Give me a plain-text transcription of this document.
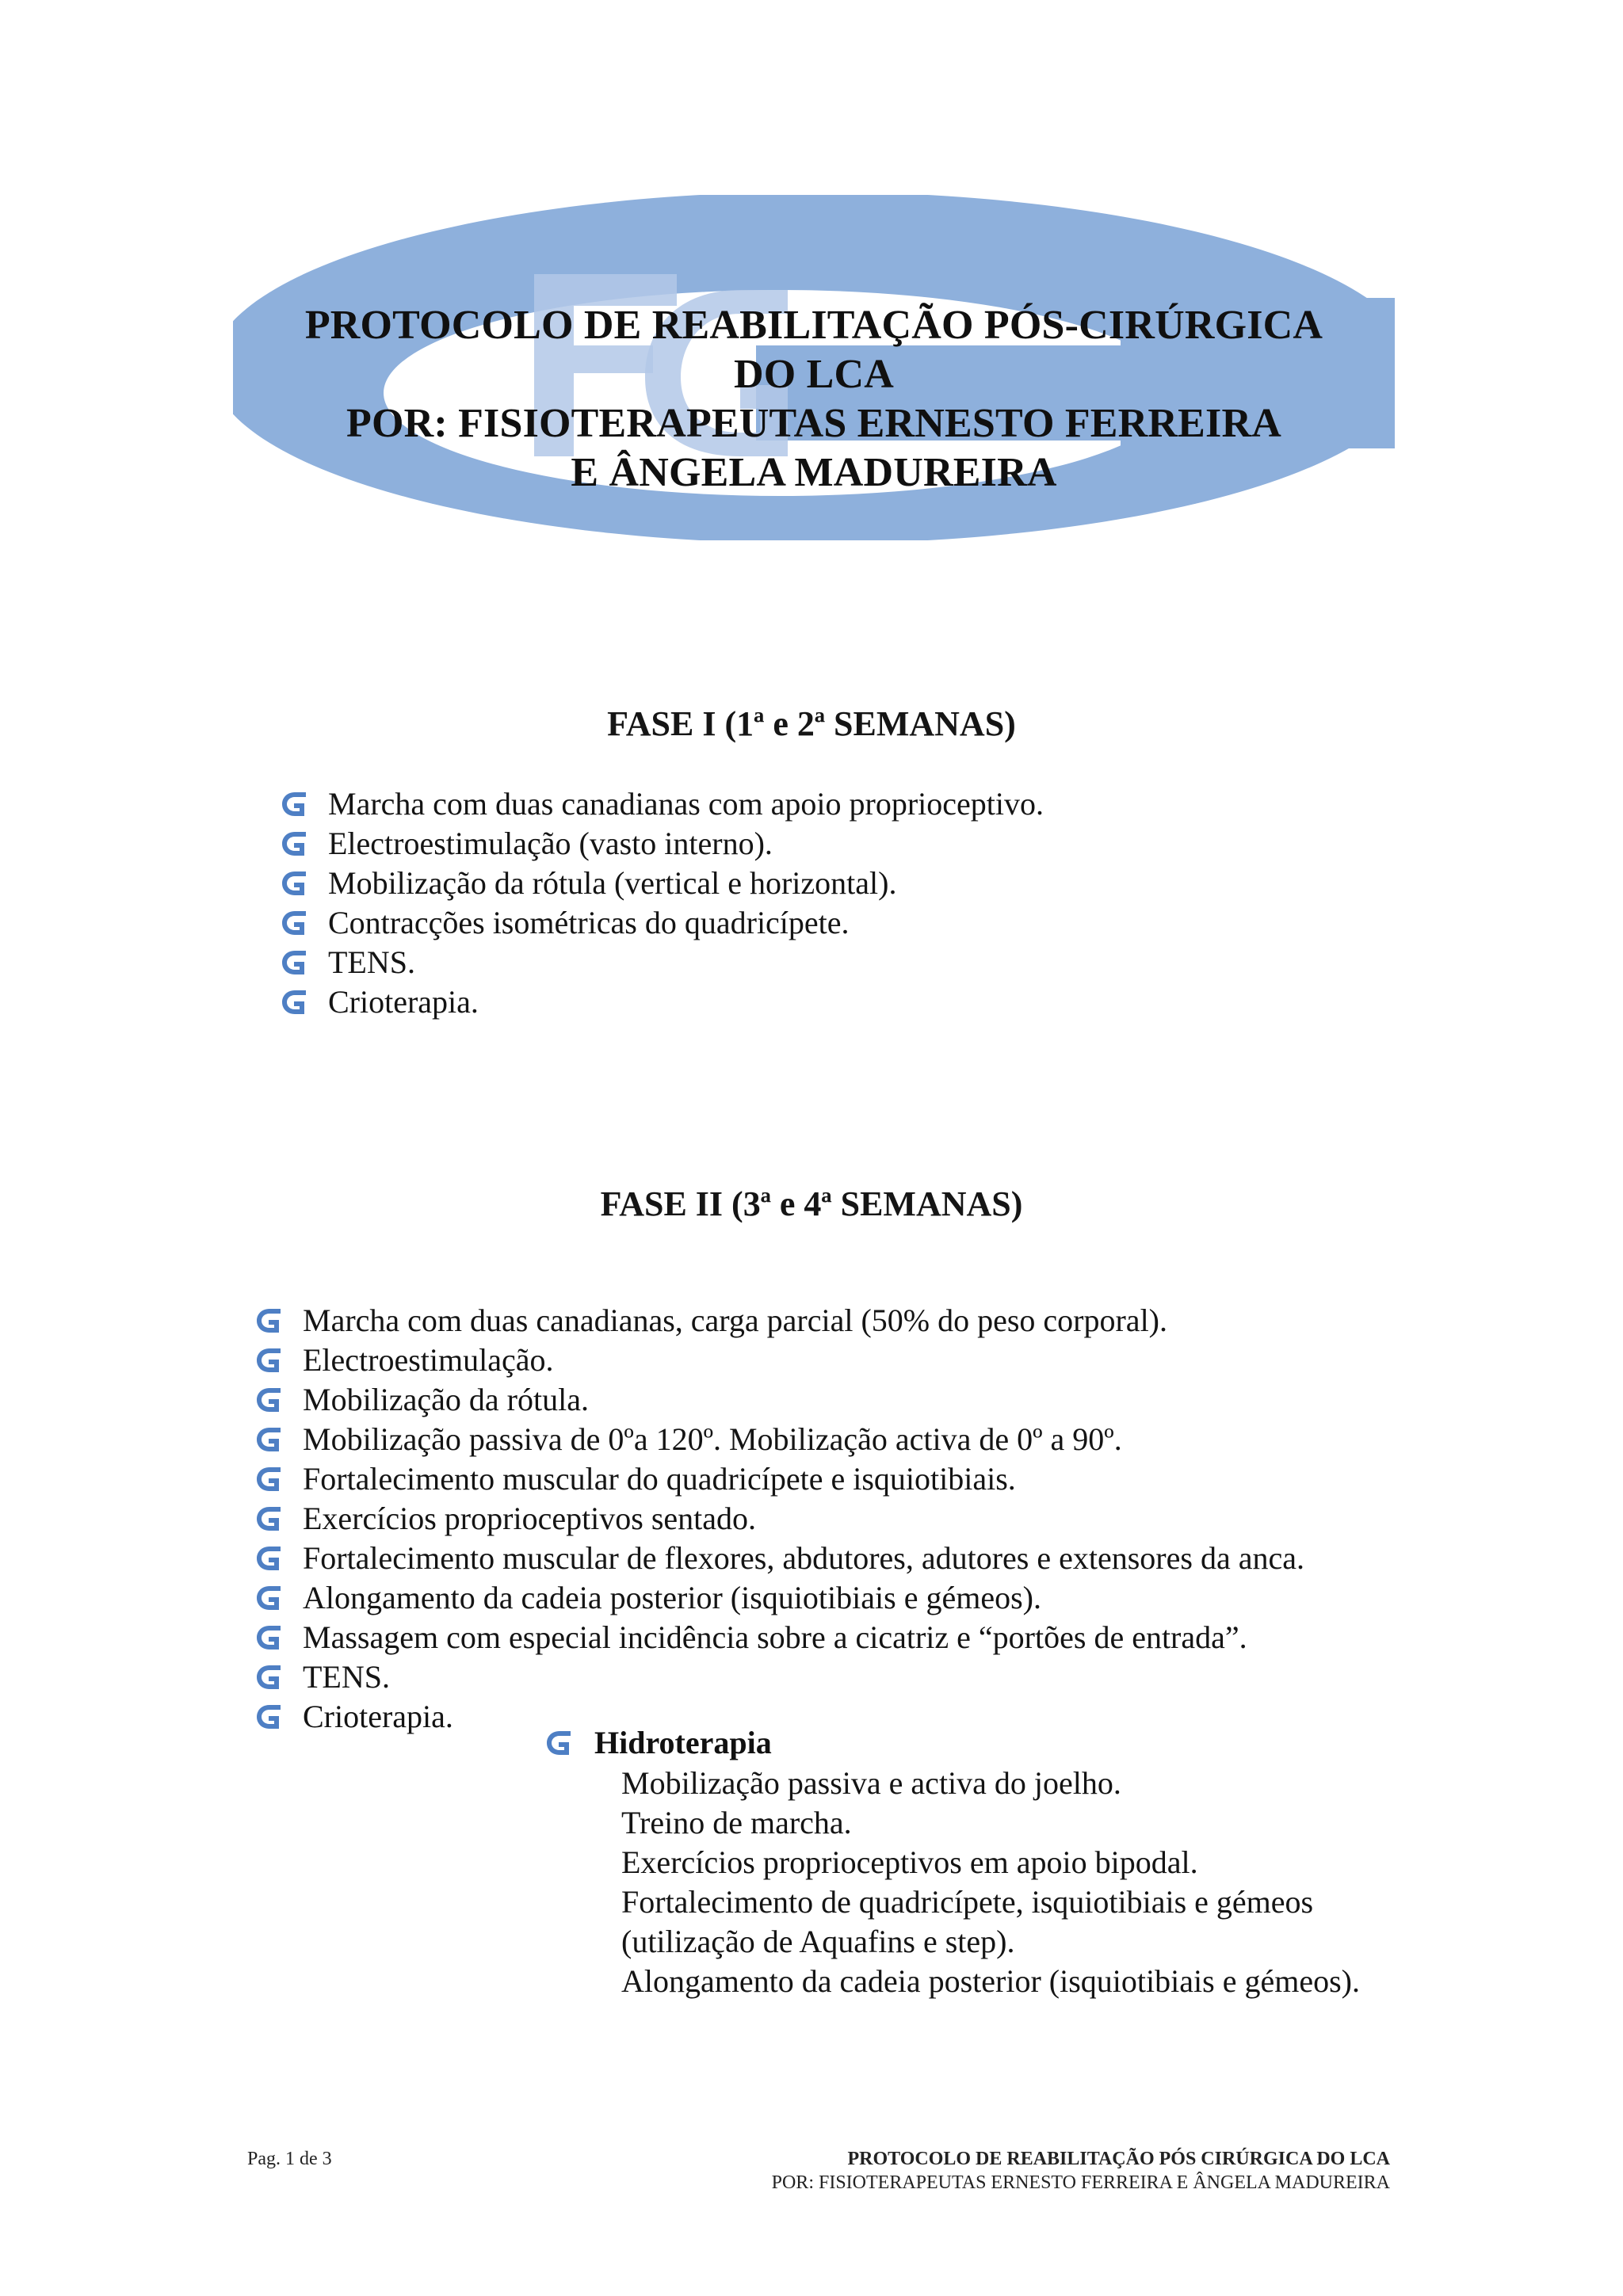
PROTOCOLO DE REABILITAÇÃO PÓS-CIRÚRGICA
DO LCA
POR: FISIOTERAPEUTAS ERNESTO FERREIRA
E ÂNGELA MADUREIRA
FASE I (1ª e 2ª SEMANAS)
Marcha com duas canadianas com apoio proprioceptivo.
Electroestimulação (vasto interno).
Mobilização da rótula (vertical e horizontal).
Contracções isométricas do quadricípete.
TENS.
Crioterapia.
FASE II (3ª e 4ª SEMANAS)
Marcha com duas canadianas, carga parcial (50% do peso corporal).
Electroestimulação.
Mobilização da rótula.
Mobilização passiva de 0ºa 120º. Mobilização activa de 0º a 90º.
Fortalecimento muscular do quadricípete e isquiotibiais.
Exercícios proprioceptivos sentado.
Fortalecimento muscular de flexores, abdutores, adutores e extensores da anca.
Alongamento da cadeia posterior (isquiotibiais e gémeos).
Massagem com especial incidência sobre a cicatriz e “portões de entrada”.
TENS.
Crioterapia.
Hidroterapia
Mobilização passiva e activa do joelho.
Treino de marcha.
Exercícios proprioceptivos em apoio bipodal.
Fortalecimento de quadricípete, isquiotibiais e gémeos
(utilização de Aquafins e step).
Alongamento da cadeia posterior (isquiotibiais e gémeos).
Pag. 1 de 3	PROTOCOLO DE REABILITAÇÃO PÓS CIRÚRGICA DO LCA
POR: FISIOTERAPEUTAS ERNESTO FERREIRA E ÂNGELA MADUREIRA
